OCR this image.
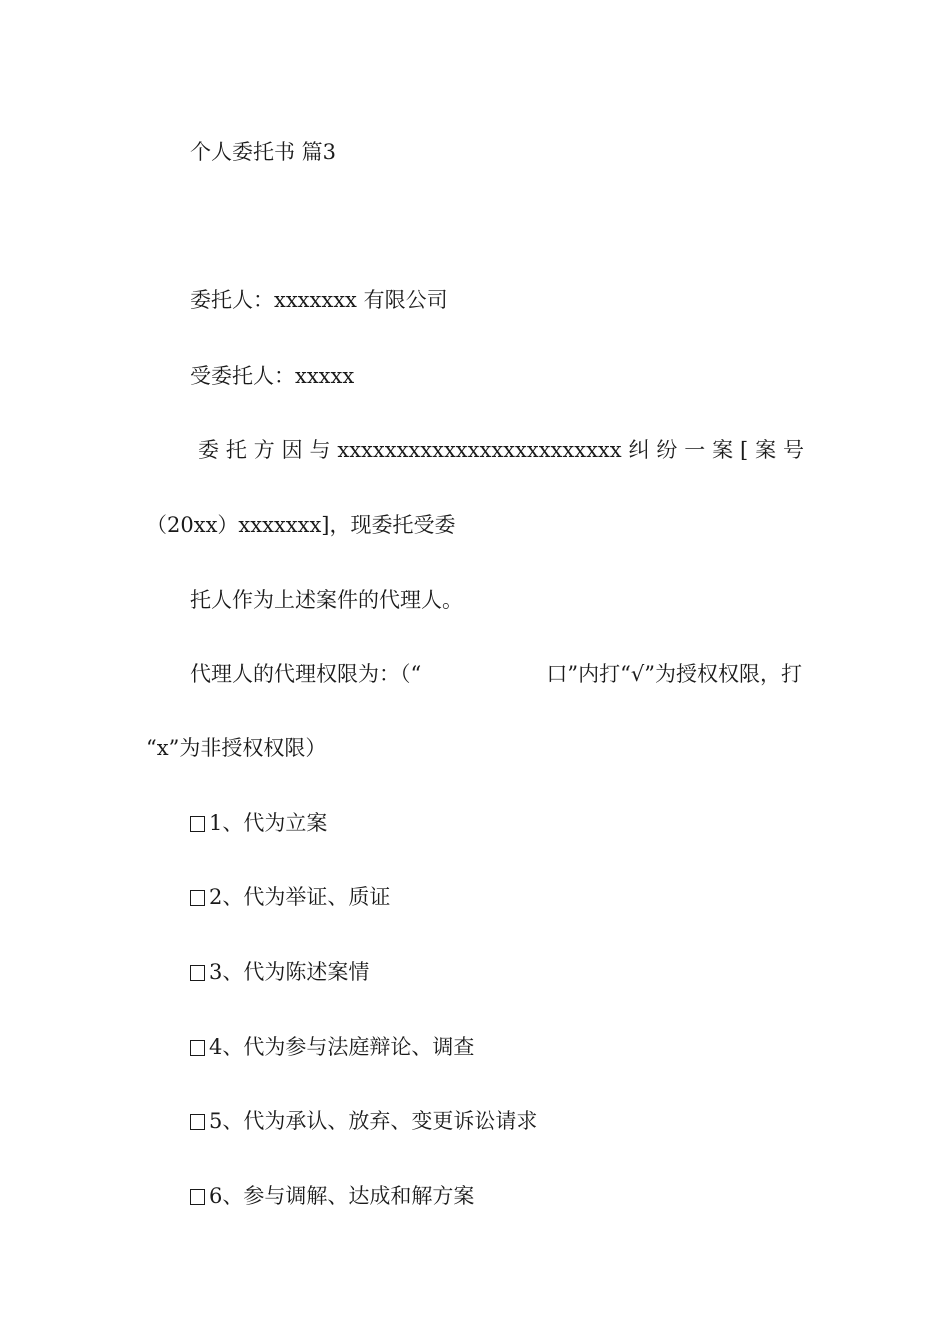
个人委托书 篇3
委托人：xxxxxxx 有限公司
受委托人：xxxxx
委 托 方 因 与 xxxxxxxxxxxxxxxxxxxxxxxx 纠 纷 一 案 [ 案 号
（20xx）xxxxxxx]，现委托受委
托人作为上述案件的代理人。
代理人的代理权限为：（“	口”内打“√”为授权权限，打
“x”为非授权权限）
1、代为立案
2、代为举证、质证
3、代为陈述案情
4、代为参与法庭辩论、调查
5、代为承认、放弃、变更诉讼请求
6、参与调解、达成和解方案
